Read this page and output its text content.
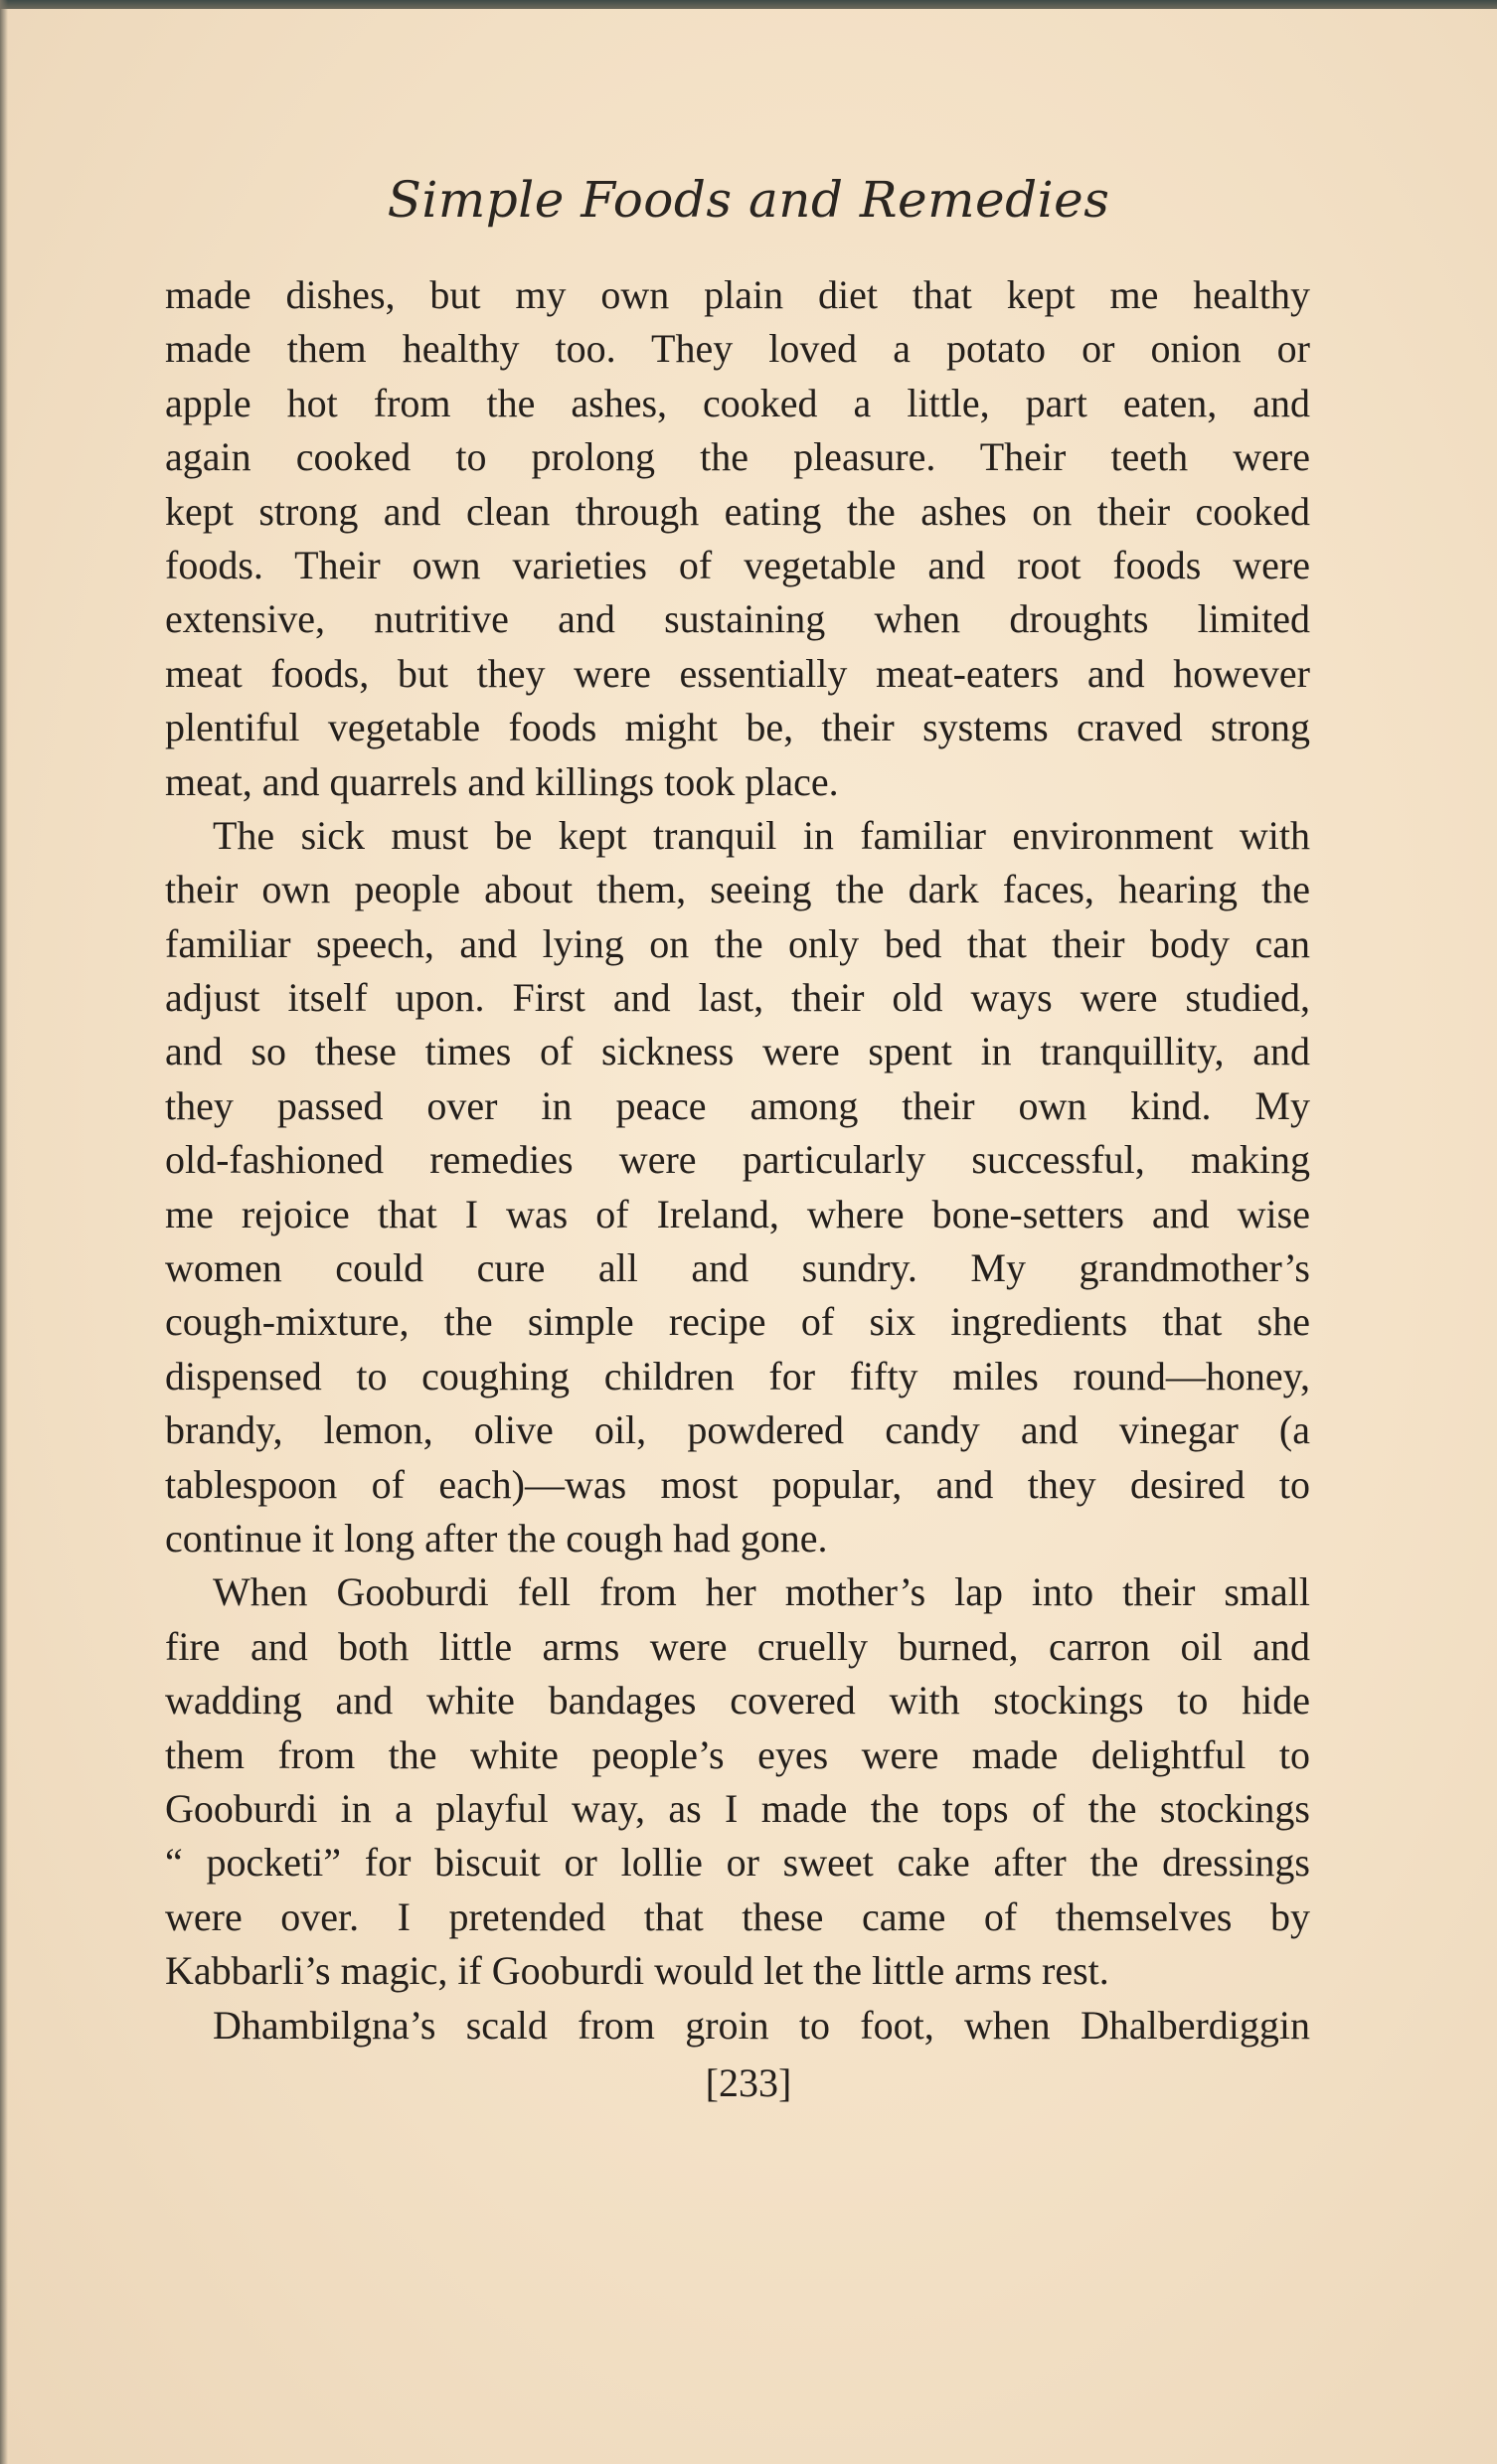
Simple Foods and Remedies
made dishes, but my own plain diet that kept me healthy
made them healthy too. They loved a potato or onion or
apple hot from the ashes, cooked a little, part eaten, and
again cooked to prolong the pleasure. Their teeth were
kept strong and clean through eating the ashes on their cooked
foods. Their own varieties of vegetable and root foods were
extensive, nutritive and sustaining when droughts limited
meat foods, but they were essentially meat-eaters and however
plentiful vegetable foods might be, their systems craved strong
meat, and quarrels and killings took place.
The sick must be kept tranquil in familiar environment with
their own people about them, seeing the dark faces, hearing the
familiar speech, and lying on the only bed that their body can
adjust itself upon. First and last, their old ways were studied,
and so these times of sickness were spent in tranquillity, and
they passed over in peace among their own kind. My
old-fashioned remedies were particularly successful, making
me rejoice that I was of Ireland, where bone-setters and wise
women could cure all and sundry. My grandmother’s
cough-mixture, the simple recipe of six ingredients that she
dispensed to coughing children for fifty miles round—honey,
brandy, lemon, olive oil, powdered candy and vinegar (a
tablespoon of each)—was most popular, and they desired to
continue it long after the cough had gone.
When Gooburdi fell from her mother’s lap into their small
fire and both little arms were cruelly burned, carron oil and
wadding and white bandages covered with stockings to hide
them from the white people’s eyes were made delightful to
Gooburdi in a playful way, as I made the tops of the stockings
“ pocketi” for biscuit or lollie or sweet cake after the dressings
were over. I pretended that these came of themselves by
Kabbarli’s magic, if Gooburdi would let the little arms rest.
Dhambilgna’s scald from groin to foot, when Dhalberdiggin
[233]
